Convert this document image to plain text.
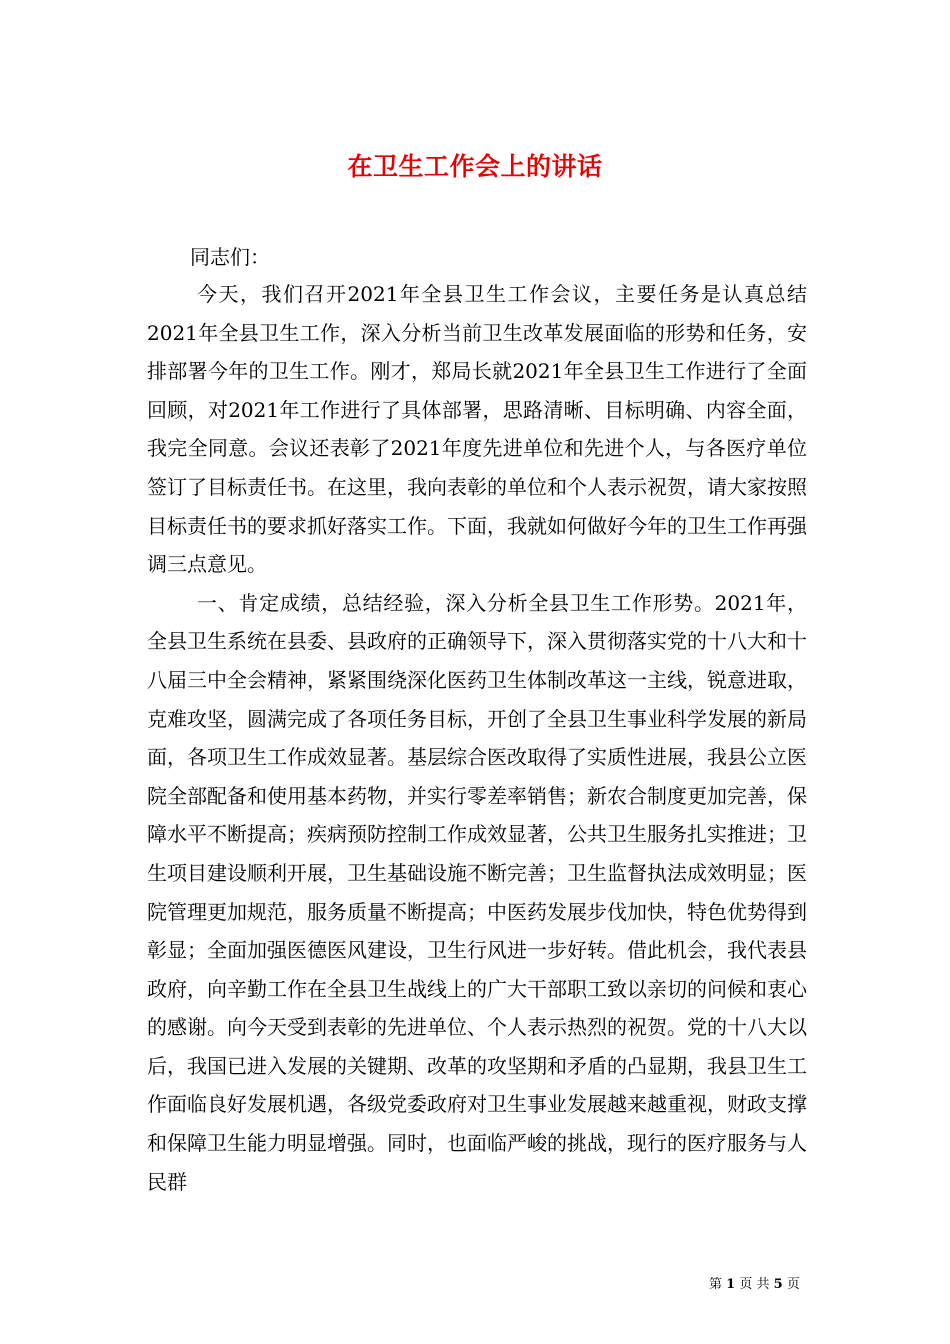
在卫生工作会上的讲话

同志们：

今天，我们召开2021年全县卫生工作会议，主要任务是认真总结2021年全县卫生工作，深入分析当前卫生改革发展面临的形势和任务，安排部署今年的卫生工作。刚才，郑局长就2021年全县卫生工作进行了全面回顾，对2021年工作进行了具体部署，思路清晰、目标明确、内容全面，我完全同意。会议还表彰了2021年度先进单位和先进个人，与各医疗单位签订了目标责任书。在这里，我向表彰的单位和个人表示祝贺，请大家按照目标责任书的要求抓好落实工作。下面，我就如何做好今年的卫生工作再强调三点意见。

一、肯定成绩，总结经验，深入分析全县卫生工作形势。2021年，全县卫生系统在县委、县政府的正确领导下，深入贯彻落实党的十八大和十八届三中全会精神，紧紧围绕深化医药卫生体制改革这一主线，锐意进取，克难攻坚，圆满完成了各项任务目标，开创了全县卫生事业科学发展的新局面，各项卫生工作成效显著。基层综合医改取得了实质性进展，我县公立医院全部配备和使用基本药物，并实行零差率销售；新农合制度更加完善，保障水平不断提高；疾病预防控制工作成效显著，公共卫生服务扎实推进；卫生项目建设顺利开展，卫生基础设施不断完善；卫生监督执法成效明显；医院管理更加规范，服务质量不断提高；中医药发展步伐加快，特色优势得到彰显；全面加强医德医风建设，卫生行风进一步好转。借此机会，我代表县政府，向辛勤工作在全县卫生战线上的广大干部职工致以亲切的问候和衷心的感谢。向今天受到表彰的先进单位、个人表示热烈的祝贺。党的十八大以后，我国已进入发展的关键期、改革的攻坚期和矛盾的凸显期，我县卫生工作面临良好发展机遇，各级党委政府对卫生事业发展越来越重视，财政支撑和保障卫生能力明显增强。同时，也面临严峻的挑战，现行的医疗服务与人民群

第 1 页 共 5 页
